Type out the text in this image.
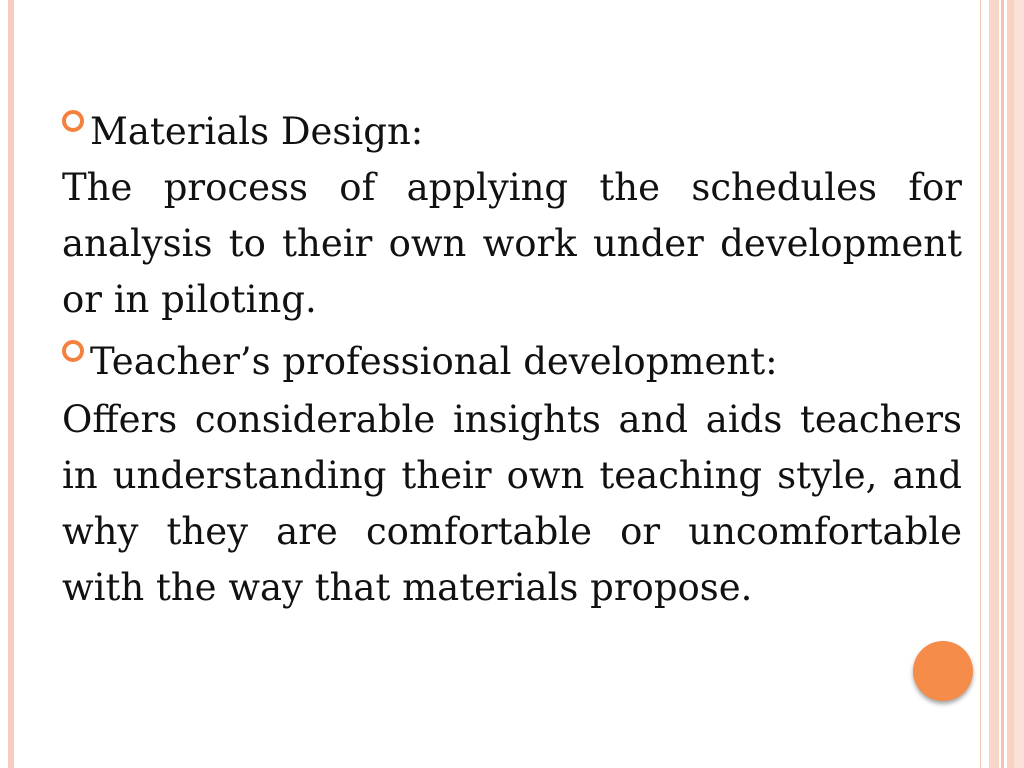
Materials Design:

The process of applying the schedules for analysis to their own work under development or in piloting.

Teacher’s professional development:

Offers considerable insights and aids teachers in understanding their own teaching style, and why they are comfortable or uncomfortable with the way that materials propose.
